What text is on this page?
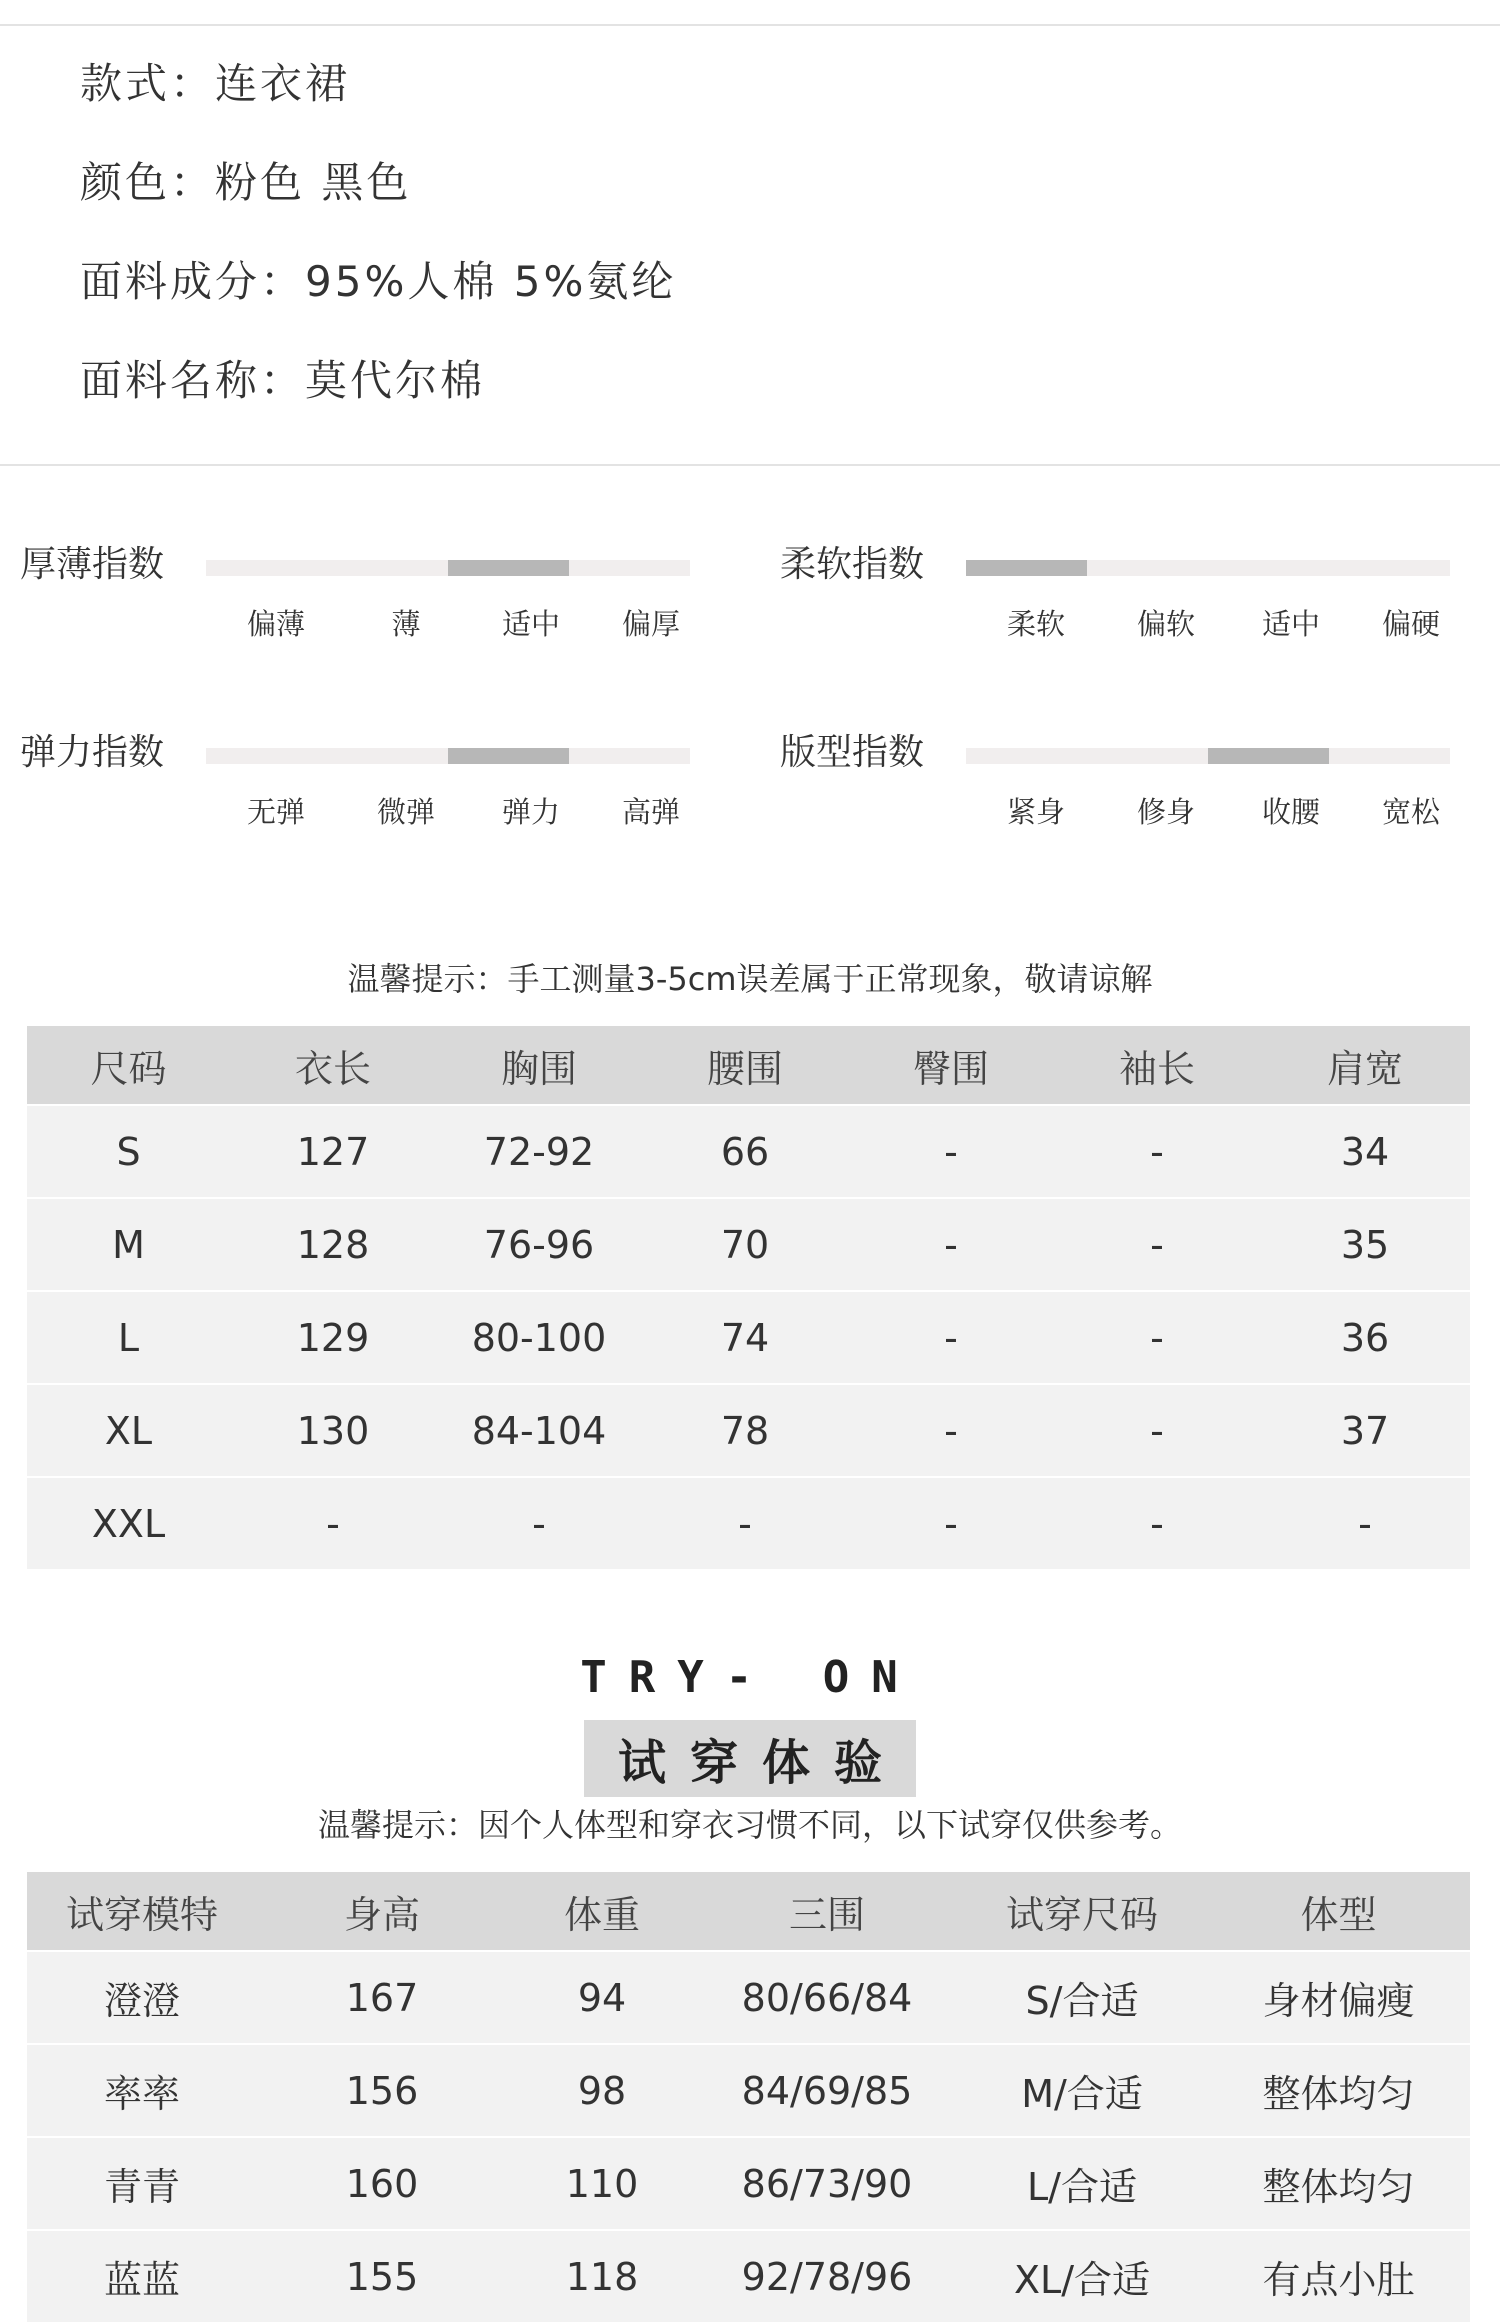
款式：连衣裙
颜色：粉色 黑色
面料成分：95%人棉 5%氨纶
面料名称：莫代尔棉
厚薄指数
偏薄	薄	适中	偏厚
柔软指数
柔软	偏软	适中	偏硬
弹力指数
无弹	微弹	弹力	高弹
版型指数
紧身	修身	收腰	宽松
温馨提示：手工测量3-5cm误差属于正常现象，敬请谅解
尺码	衣长	胸围	腰围	臀围	袖长	肩宽
S	127	72-92	66	-	-	34
M	128	76-96	70	-	-	35
L	129	80-100	74	-	-	36
XL	130	84-104	78	-	-	37
XXL	-	-	-	-	-	-
TRY- ON
试穿体验
温馨提示：因个人体型和穿衣习惯不同，以下试穿仅供参考。
试穿模特	身高	体重	三围	试穿尺码	体型
澄澄	167	94	80/66/84	S/合适	身材偏瘦
率率	156	98	84/69/85	M/合适	整体均匀
青青	160	110	86/73/90	L/合适	整体均匀
蓝蓝	155	118	92/78/96	XL/合适	有点小肚
